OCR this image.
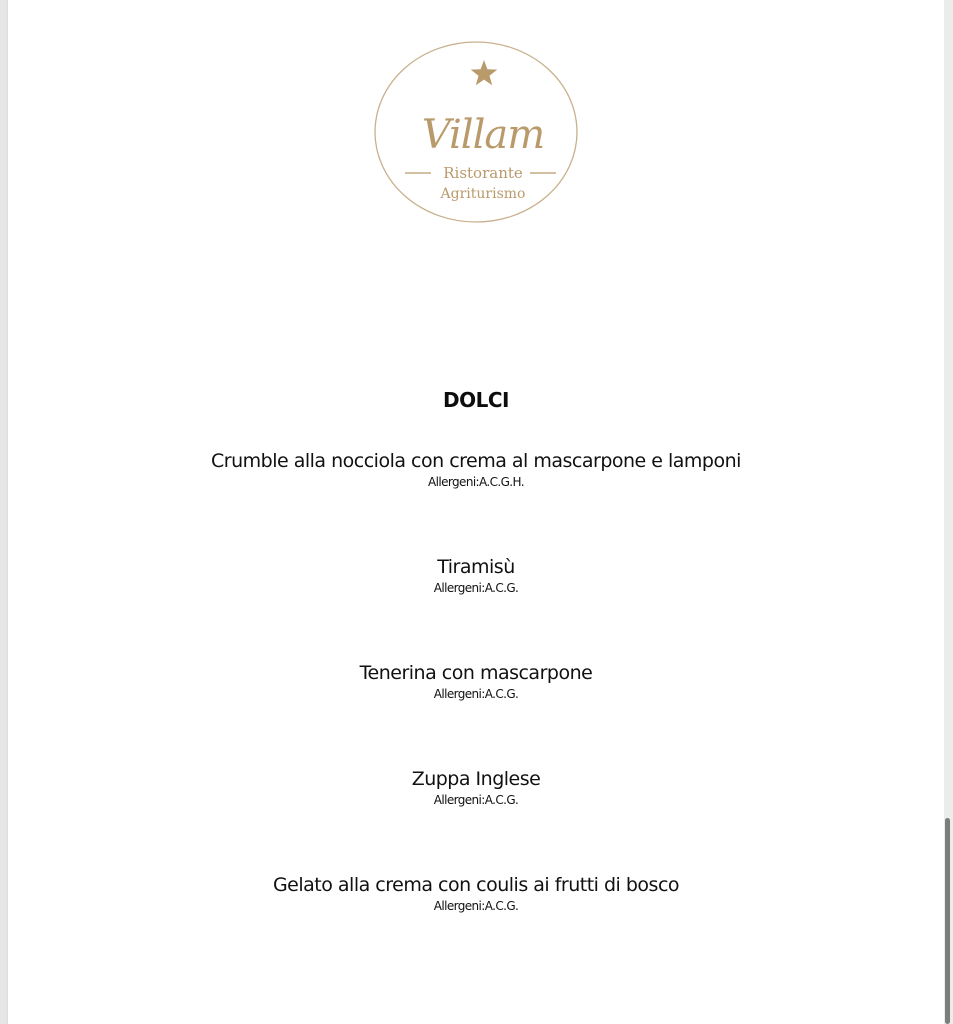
Villam
Ristorante
Agriturismo
DOLCI
Crumble alla nocciola con crema al mascarpone e lamponi
Allergeni:A.C.G.H.
Tiramisù
Allergeni:A.C.G.
Tenerina con mascarpone
Allergeni:A.C.G.
Zuppa Inglese
Allergeni:A.C.G.
Gelato alla crema con coulis ai frutti di bosco
Allergeni:A.C.G.
